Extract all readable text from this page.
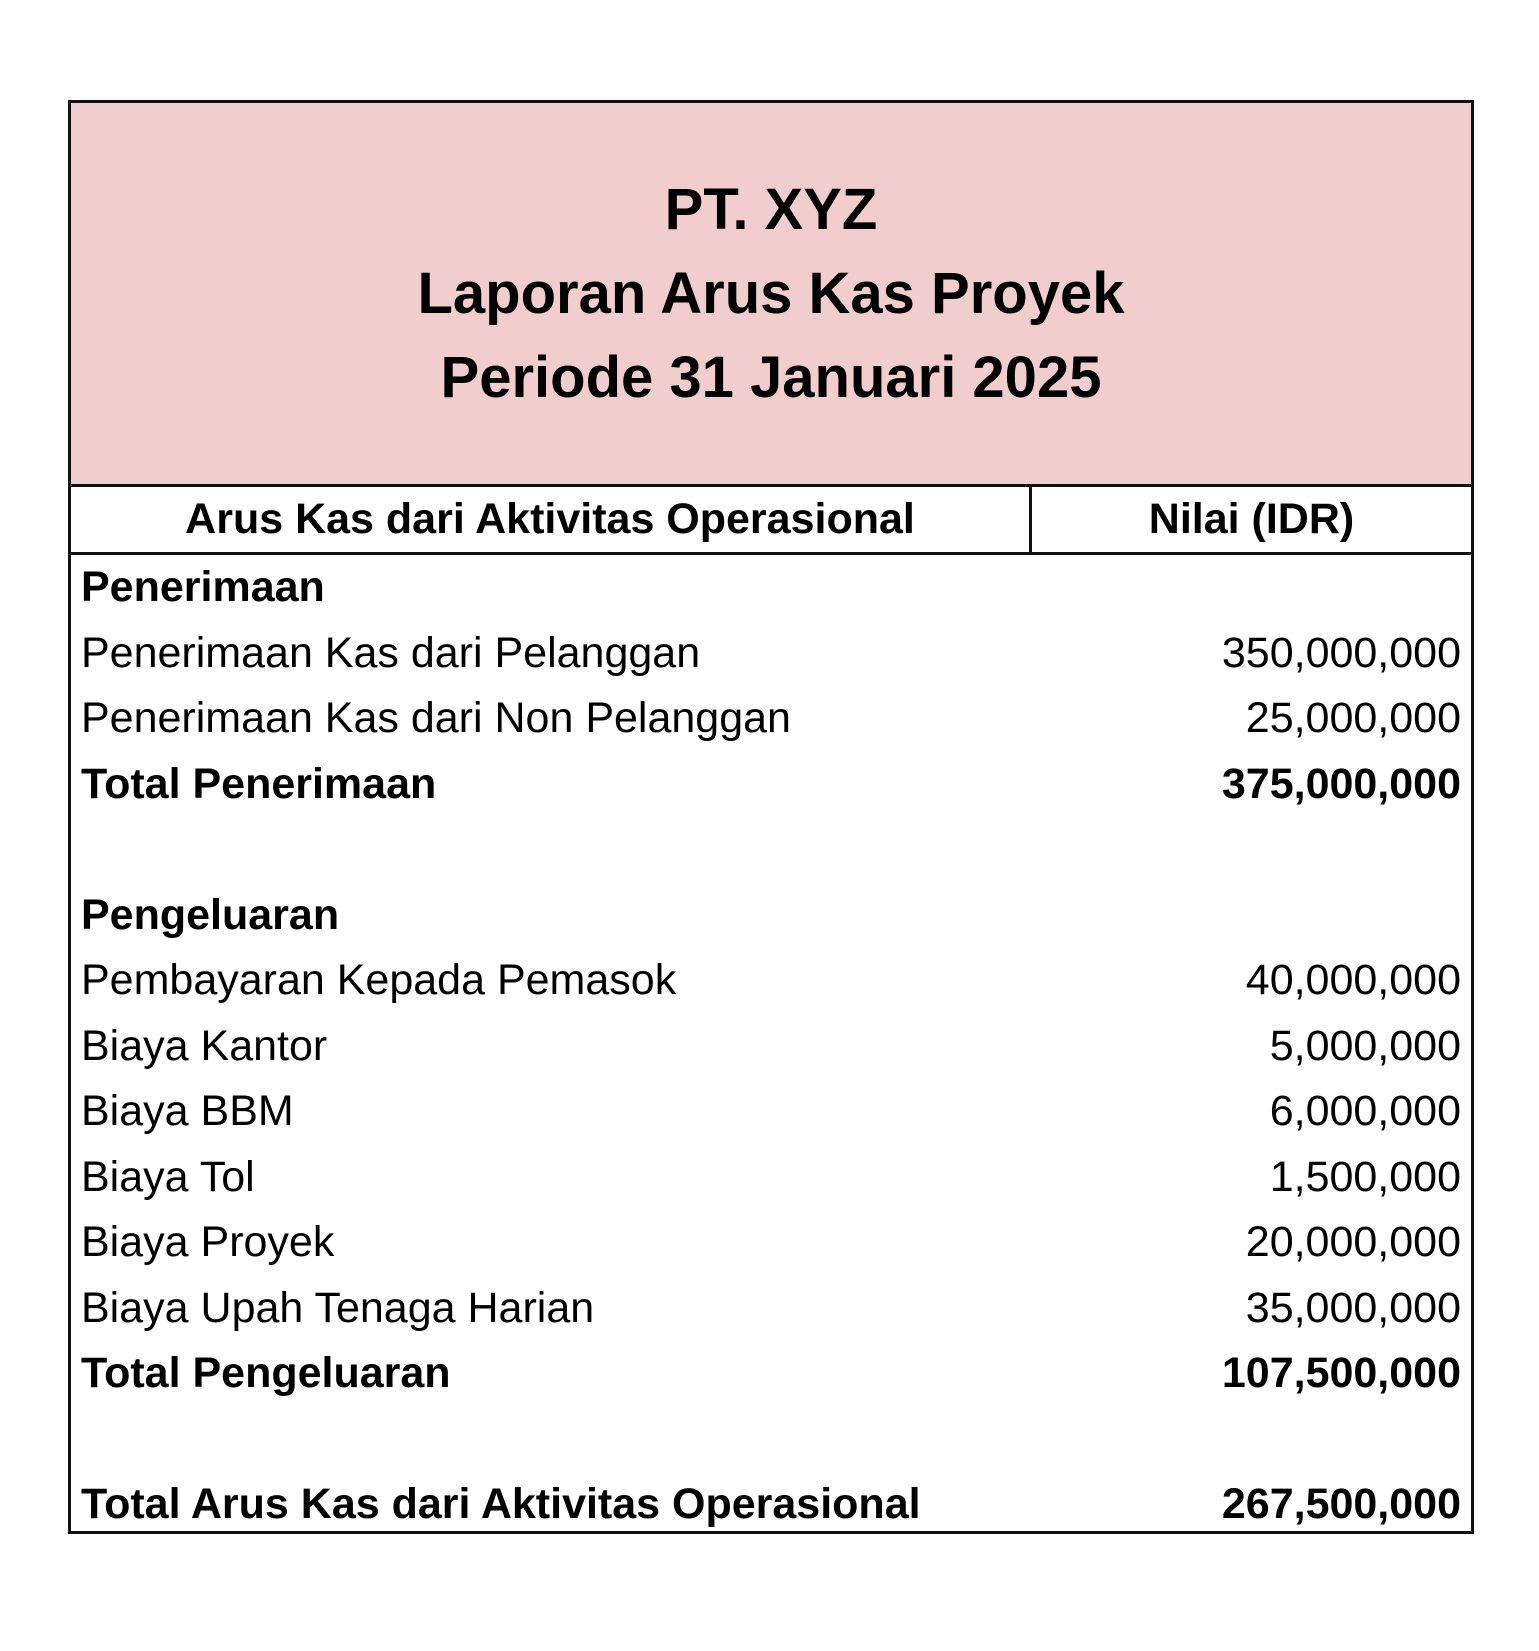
PT. XYZ
Laporan Arus Kas Proyek
Periode 31 Januari 2025
Arus Kas dari Aktivitas Operasional	Nilai (IDR)
Penerimaan
Penerimaan Kas dari Pelanggan	350,000,000
Penerimaan Kas dari Non Pelanggan	25,000,000
Total Penerimaan	375,000,000
Pengeluaran
Pembayaran Kepada Pemasok	40,000,000
Biaya Kantor	5,000,000
Biaya BBM	6,000,000
Biaya Tol	1,500,000
Biaya Proyek	20,000,000
Biaya Upah Tenaga Harian	35,000,000
Total Pengeluaran	107,500,000
Total Arus Kas dari Aktivitas Operasional	267,500,000
